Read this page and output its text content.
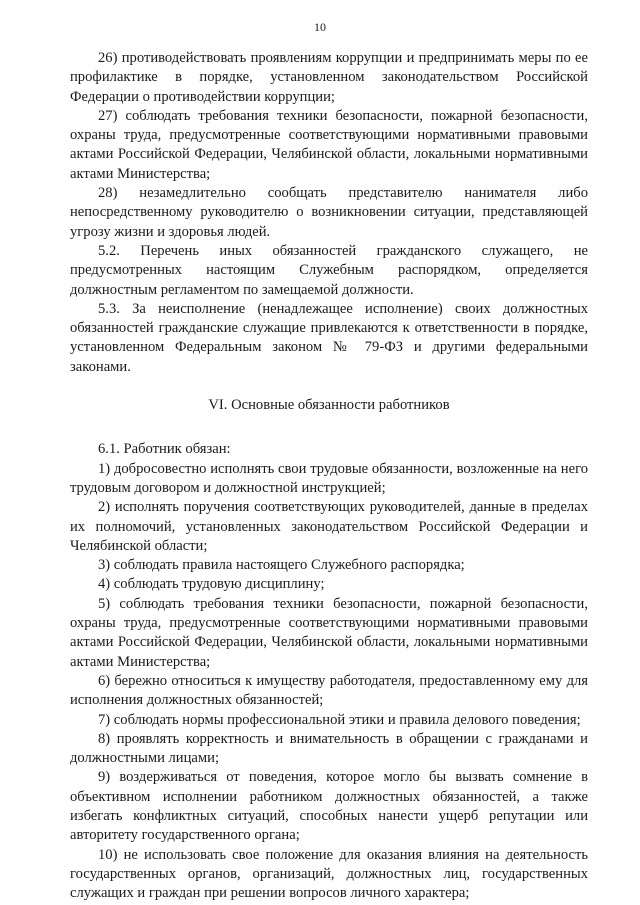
10

26) противодействовать проявлениям коррупции и предпринимать меры по ее профилактике в порядке, установленном законодательством Российской Федерации о противодействии коррупции;

27) соблюдать требования техники безопасности, пожарной безопасности, охраны труда, предусмотренные соответствующими нормативными правовыми актами Российской Федерации, Челябинской области, локальными нормативными актами Министерства;

28) незамедлительно сообщать представителю нанимателя либо непосредственному руководителю о возникновении ситуации, представляющей угрозу жизни и здоровья людей.

5.2. Перечень иных обязанностей гражданского служащего, не предусмотренных настоящим Служебным распорядком, определяется должностным регламентом по замещаемой должности.

5.3. За неисполнение (ненадлежащее исполнение) своих должностных обязанностей гражданские служащие привлекаются к ответственности в порядке, установленном Федеральным законом № 79-ФЗ и другими федеральными законами.

VI. Основные обязанности работников

6.1. Работник обязан:

1) добросовестно исполнять свои трудовые обязанности, возложенные на него трудовым договором и должностной инструкцией;

2) исполнять поручения соответствующих руководителей, данные в пределах их полномочий, установленных законодательством Российской Федерации и Челябинской области;

3) соблюдать правила настоящего Служебного распорядка;

4) соблюдать трудовую дисциплину;

5) соблюдать требования техники безопасности, пожарной безопасности, охраны труда, предусмотренные соответствующими нормативными правовыми актами Российской Федерации, Челябинской области, локальными нормативными актами Министерства;

6) бережно относиться к имуществу работодателя, предоставленному ему для исполнения должностных обязанностей;

7) соблюдать нормы профессиональной этики и правила делового поведения;

8) проявлять корректность и внимательность в обращении с гражданами и должностными лицами;

9) воздерживаться от поведения, которое могло бы вызвать сомнение в объективном исполнении работником должностных обязанностей, а также избегать конфликтных ситуаций, способных нанести ущерб репутации или авторитету государственного органа;

10) не использовать свое положение для оказания влияния на деятельность государственных органов, организаций, должностных лиц, государственных служащих и граждан при решении вопросов личного характера;
